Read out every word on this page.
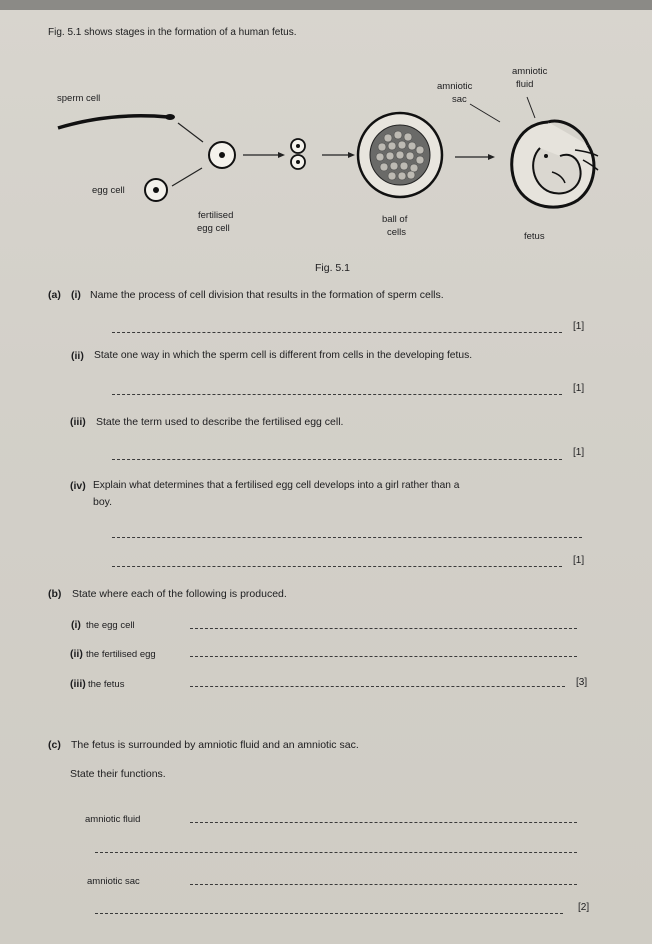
Fig. 5.1 shows stages in the formation of a human fetus.
sperm cell
egg cell
fertilised
egg cell
ball of
cells	fetus
amniotic
sac
amniotic
fluid
Fig. 5.1
(a) (i) Name the process of cell division that results in the formation of sperm cells.
[1]
(ii) State one way in which the sperm cell is different from cells in the developing fetus.
[1]
(iii) State the term used to describe the fertilised egg cell.
[1]
(iv) Explain what determines that a fertilised egg cell develops into a girl rather than a
boy.
[1]
(b) State where each of the following is produced.
(i) the egg cell
(ii) the fertilised egg
(iii) the fetus	[3]
(c) The fetus is surrounded by amniotic fluid and an amniotic sac.
State their functions.
amniotic fluid
amniotic sac
[2]
